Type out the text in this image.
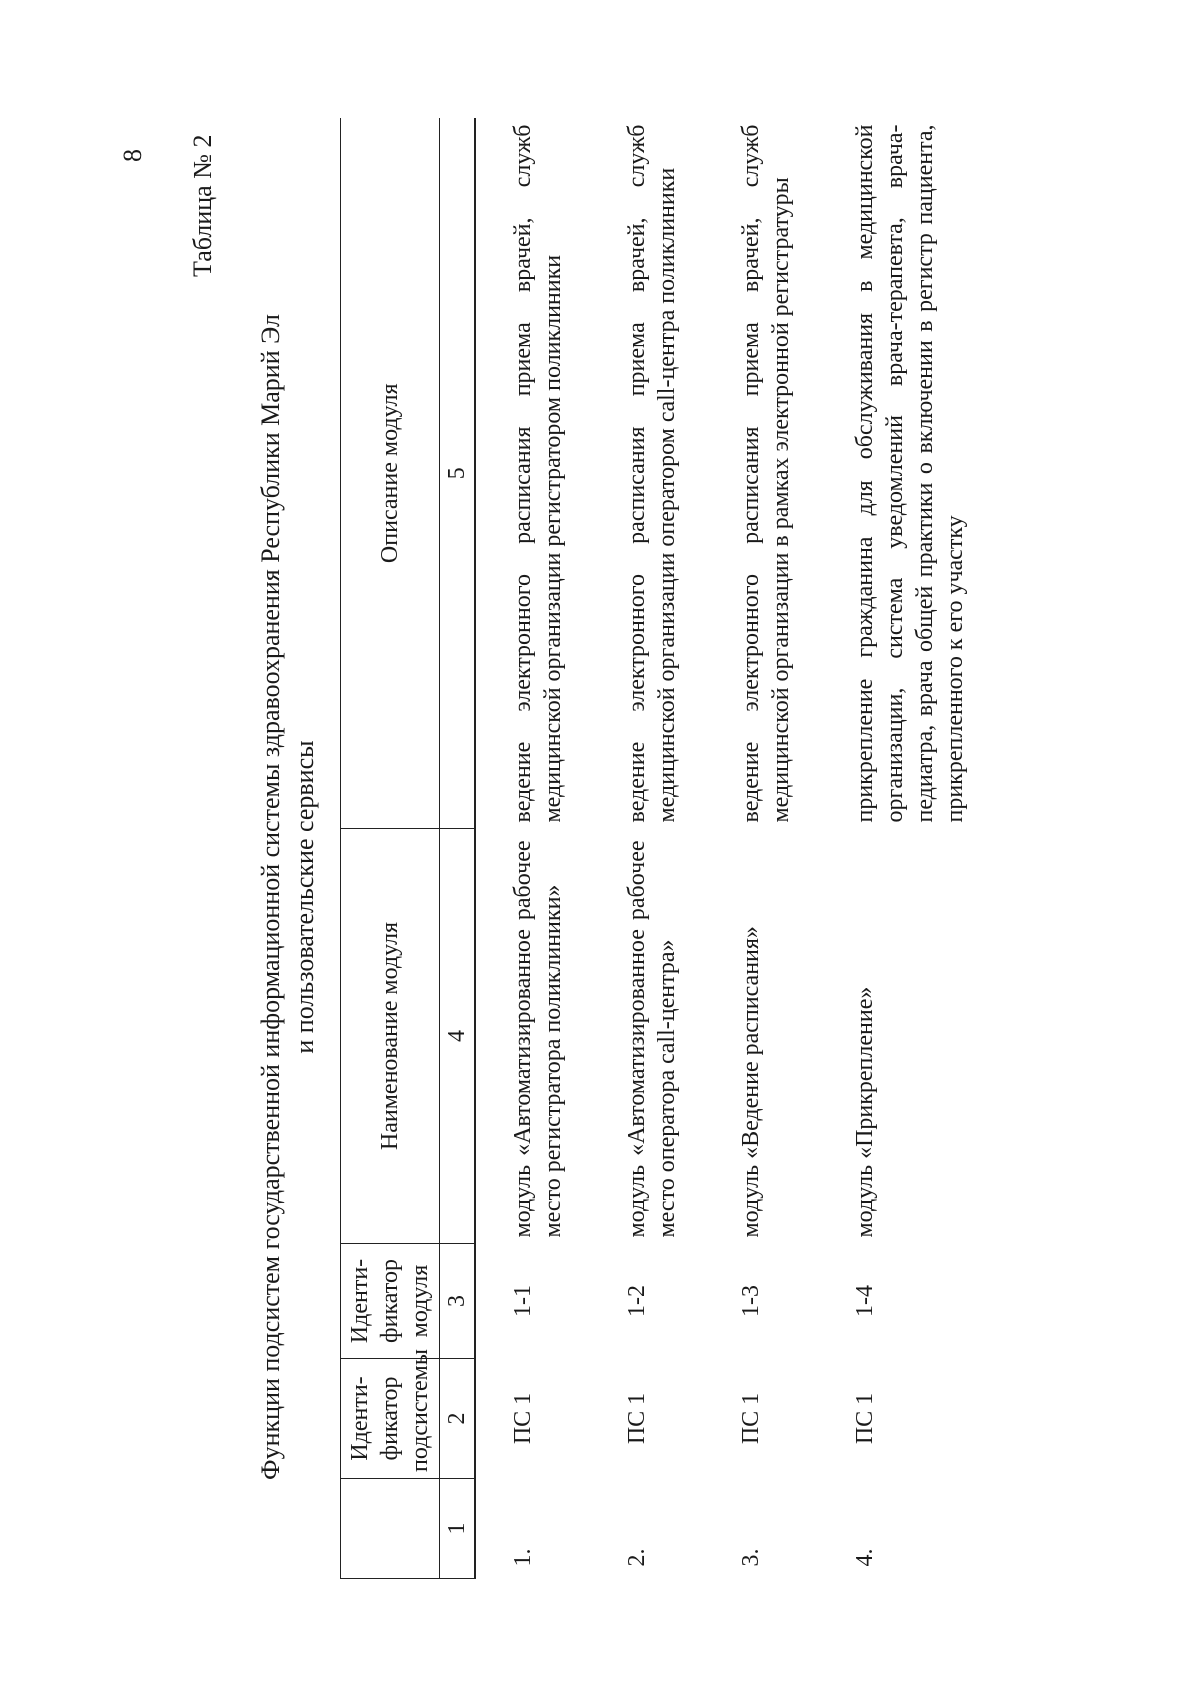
8 Таблица № 2
Функции подсистем государственной информационной системы здравоохранения Республики Марий Эл и пользовательские сервисы
	Иденти-фикатор подсистемы	Иденти-фикатор модуля	Наименование модуля	Описание модуля
1	2	3	4	5
1.	ПС 1	1-1	модуль «Автоматизированное рабочее место регистратора поликлиники»	ведение электронного расписания приема врачей, служб медицинской организации регистратором поликлиники
2.	ПС 1	1-2	модуль «Автоматизированное рабочее место оператора call-центра»	ведение электронного расписания приема врачей, служб медицинской организации оператором call-центра поликлиники
3.	ПС 1	1-3	модуль «Ведение расписания»	ведение электронного расписания приема врачей, служб медицинской организации в рамках электронной регистратуры
4.	ПС 1	1-4	модуль «Прикрепление»	прикрепление гражданина для обслуживания в медицинской организации, система уведомлений врача-терапевта, врача-педиатра, врача общей практики о включении в регистр пациента, прикрепленного к его участку
